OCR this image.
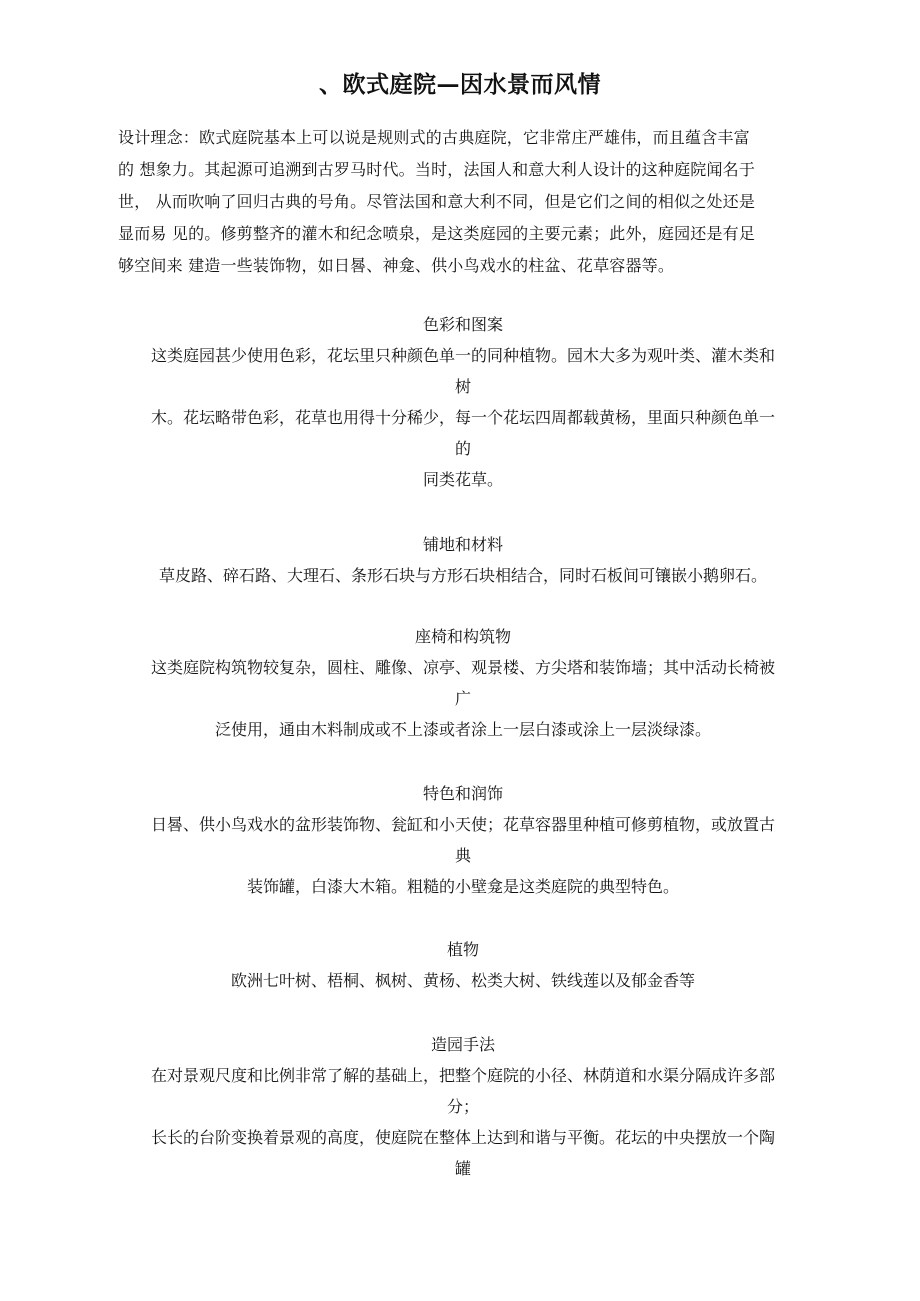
、欧式庭院—因水景而风情
设计理念：欧式庭院基本上可以说是规则式的古典庭院，它非常庄严雄伟，而且蕴含丰富
的 想象力。其起源可追溯到古罗马时代。当时，法国人和意大利人设计的这种庭院闻名于
世， 从而吹响了回归古典的号角。尽管法国和意大利不同，但是它们之间的相似之处还是
显而易 见的。修剪整齐的灌木和纪念喷泉，是这类庭园的主要元素；此外，庭园还是有足
够空间来 建造一些装饰物，如日晷、神龛、供小鸟戏水的柱盆、花草容器等。
色彩和图案
这类庭园甚少使用色彩，花坛里只种颜色单一的同种植物。园木大多为观叶类、灌木类和
树
木。花坛略带色彩，花草也用得十分稀少，每一个花坛四周都载黄杨，里面只种颜色单一
的
同类花草。
铺地和材料
草皮路、碎石路、大理石、条形石块与方形石块相结合，同时石板间可镶嵌小鹅卵石。
座椅和构筑物
这类庭院构筑物较复杂，圆柱、雕像、凉亭、观景楼、方尖塔和装饰墙；其中活动长椅被
广
泛使用，通由木料制成或不上漆或者涂上一层白漆或涂上一层淡绿漆。
特色和润饰
日晷、供小鸟戏水的盆形装饰物、瓮缸和小天使；花草容器里种植可修剪植物，或放置古
典
装饰罐，白漆大木箱。粗糙的小壁龛是这类庭院的典型特色。
植物
欧洲七叶树、梧桐、枫树、黄杨、松类大树、铁线莲以及郁金香等
造园手法
在对景观尺度和比例非常了解的基础上，把整个庭院的小径、林荫道和水渠分隔成许多部
分；
长长的台阶变换着景观的高度，使庭院在整体上达到和谐与平衡。花坛的中央摆放一个陶
罐
